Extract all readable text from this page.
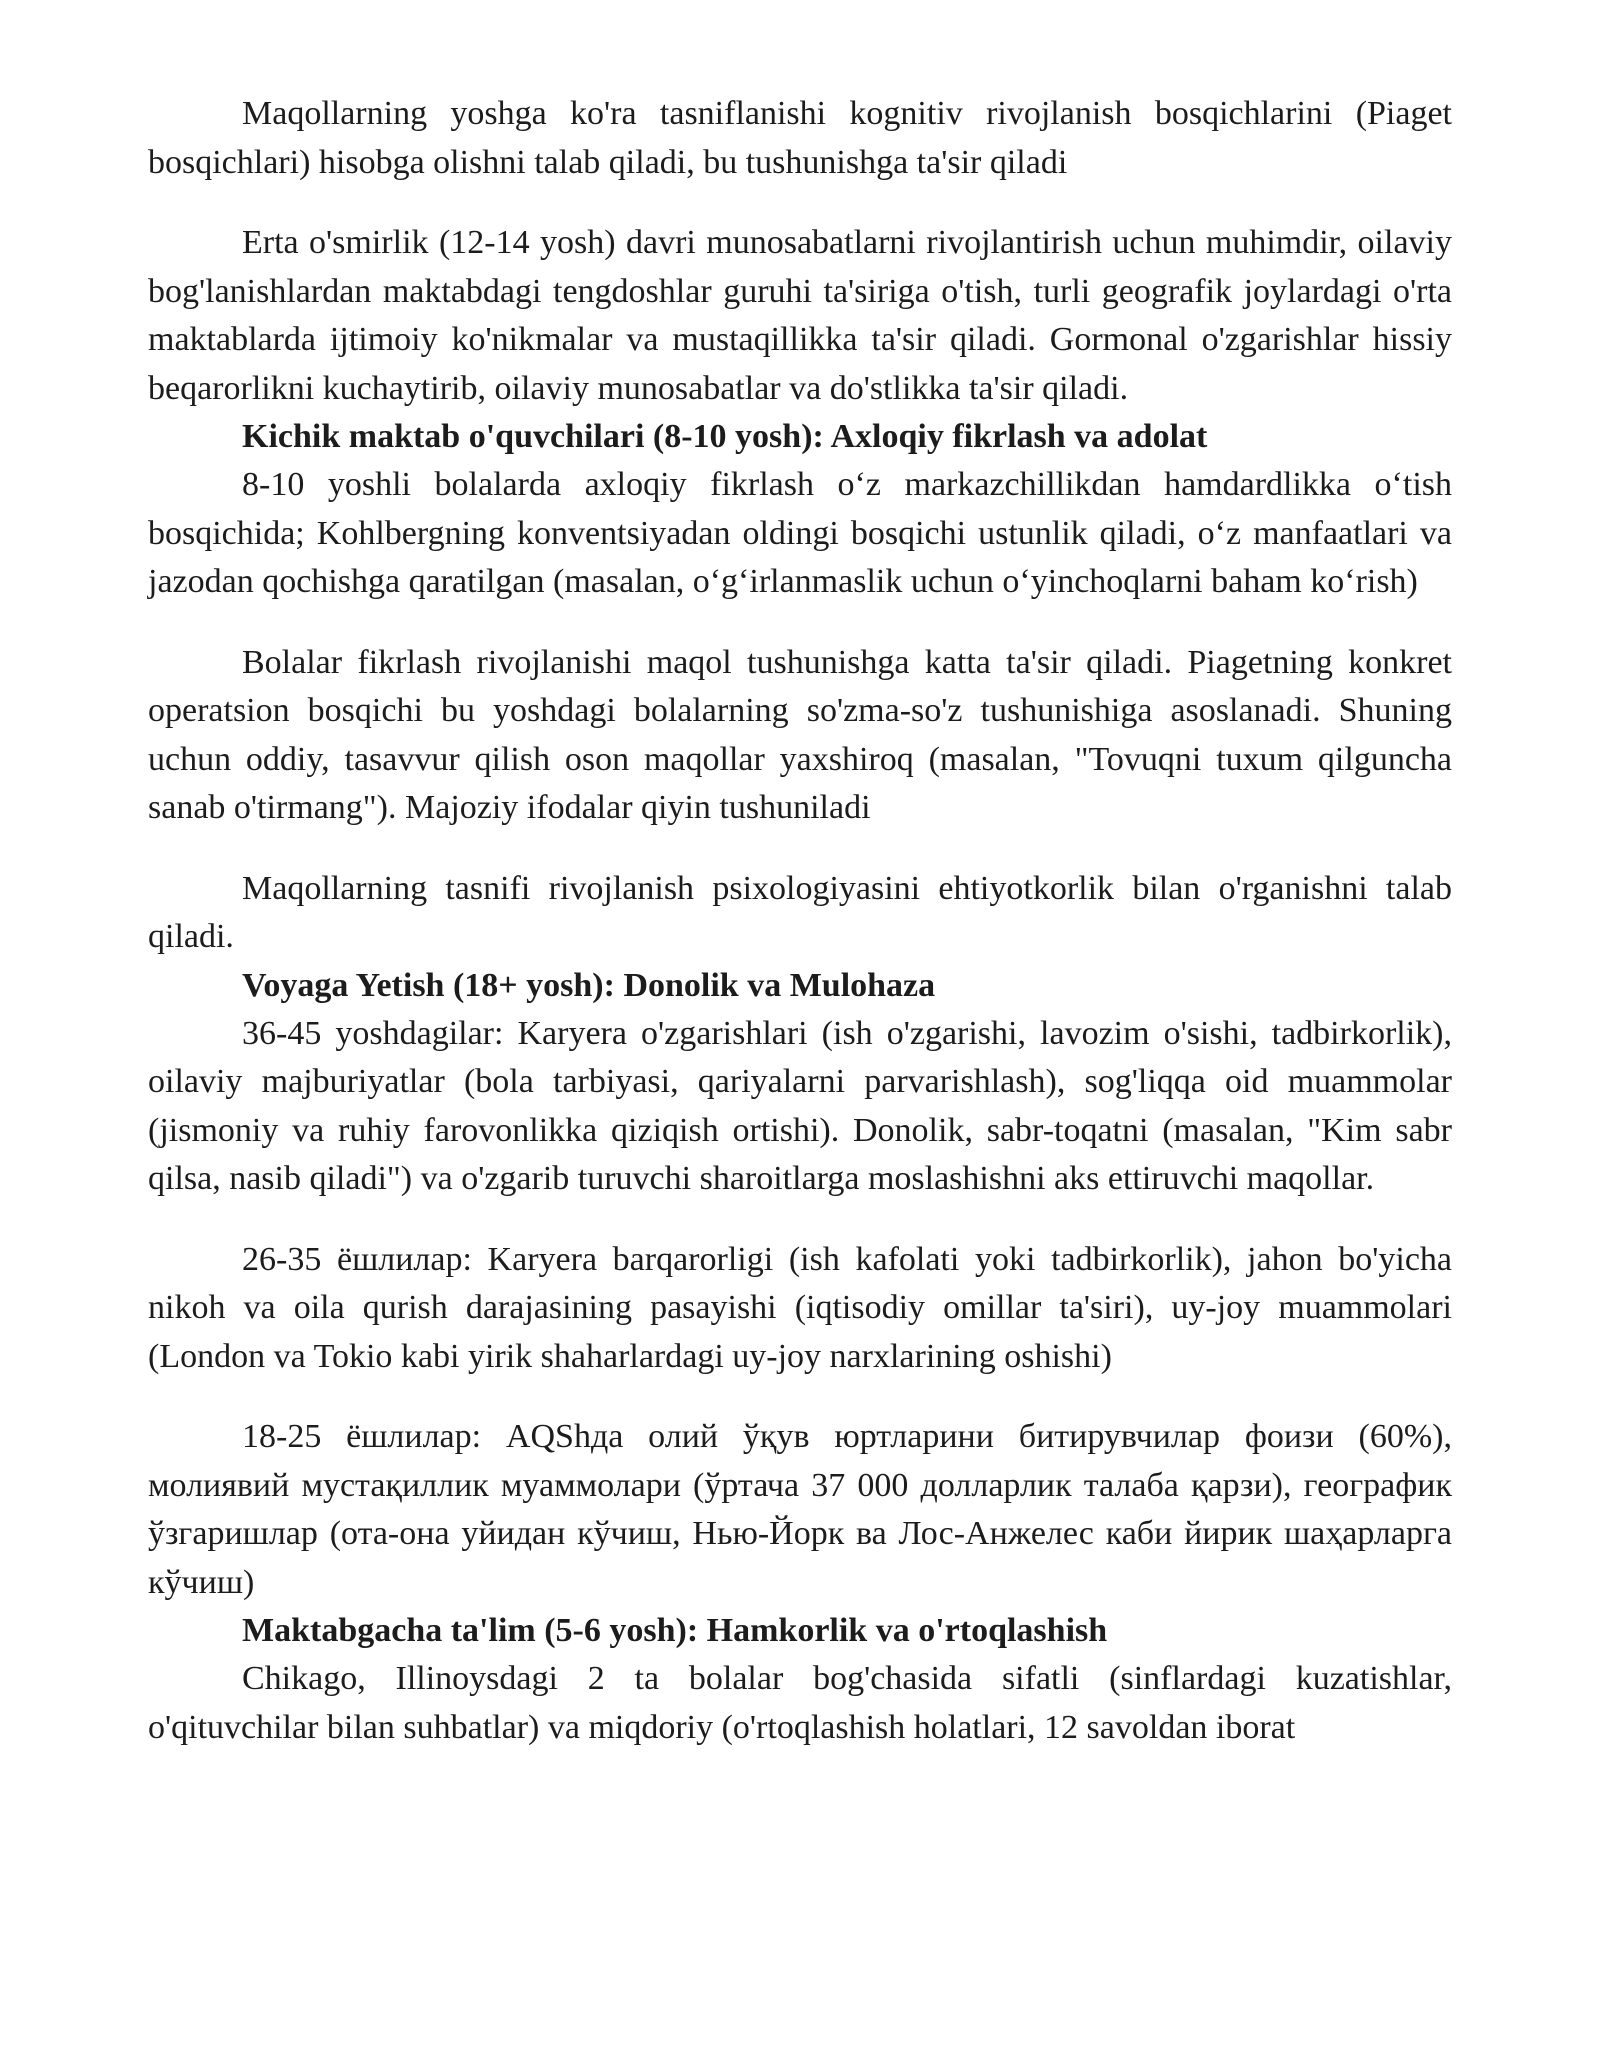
Maqollarning yoshga ko'ra tasniflanishi kognitiv rivojlanish bosqichlarini (Piaget bosqichlari) hisobga olishni talab qiladi, bu tushunishga ta'sir qiladi

Erta o'smirlik (12-14 yosh) davri munosabatlarni rivojlantirish uchun muhimdir, oilaviy bog'lanishlardan maktabdagi tengdoshlar guruhi ta'siriga o'tish, turli geografik joylardagi o'rta maktablarda ijtimoiy ko'nikmalar va mustaqillikka ta'sir qiladi. Gormonal o'zgarishlar hissiy beqarorlikni kuchaytirib, oilaviy munosabatlar va do'stlikka ta'sir qiladi.

Kichik maktab o'quvchilari (8-10 yosh): Axloqiy fikrlash va adolat

8-10 yoshli bolalarda axloqiy fikrlash oʻz markazchillikdan hamdardlikka oʻtish bosqichida; Kohlbergning konventsiyadan oldingi bosqichi ustunlik qiladi, oʻz manfaatlari va jazodan qochishga qaratilgan (masalan, oʻgʻirlanmaslik uchun oʻyinchoqlarni baham koʻrish)

Bolalar fikrlash rivojlanishi maqol tushunishga katta ta'sir qiladi. Piagetning konkret operatsion bosqichi bu yoshdagi bolalarning so'zma-so'z tushunishiga asoslanadi. Shuning uchun oddiy, tasavvur qilish oson maqollar yaxshiroq (masalan, "Tovuqni tuxum qilguncha sanab o'tirmang"). Majoziy ifodalar qiyin tushuniladi

Maqollarning tasnifi rivojlanish psixologiyasini ehtiyotkorlik bilan o'rganishni talab qiladi.

Voyaga Yetish (18+ yosh): Donolik va Mulohaza

36-45 yoshdagilar: Karyera o'zgarishlari (ish o'zgarishi, lavozim o'sishi, tadbirkorlik), oilaviy majburiyatlar (bola tarbiyasi, qariyalarni parvarishlash), sog'liqqa oid muammolar (jismoniy va ruhiy farovonlikka qiziqish ortishi). Donolik, sabr-toqatni (masalan, "Kim sabr qilsa, nasib qiladi") va o'zgarib turuvchi sharoitlarga moslashishni aks ettiruvchi maqollar.

26-35 ёшлилар: Karyera barqarorligi (ish kafolati yoki tadbirkorlik), jahon bo'yicha nikoh va oila qurish darajasining pasayishi (iqtisodiy omillar ta'siri), uy-joy muammolari (London va Tokio kabi yirik shaharlardagi uy-joy narxlarining oshishi)

18-25 ёшлилар: AQShда олий ўқув юртларини битирувчилар фоизи (60%), молиявий мустақиллик муаммолари (ўртача 37 000 долларлик талаба қарзи), географик ўзгаришлар (ота-она уйидан кўчиш, Нью-Йорк ва Лос-Анжелес каби йирик шаҳарларга кўчиш)

Maktabgacha ta'lim (5-6 yosh): Hamkorlik va o'rtoqlashish

Chikago, Illinoysdagi 2 ta bolalar bog'chasida sifatli (sinflardagi kuzatishlar, o'qituvchilar bilan suhbatlar) va miqdoriy (o'rtoqlashish holatlari, 12 savoldan iborat
